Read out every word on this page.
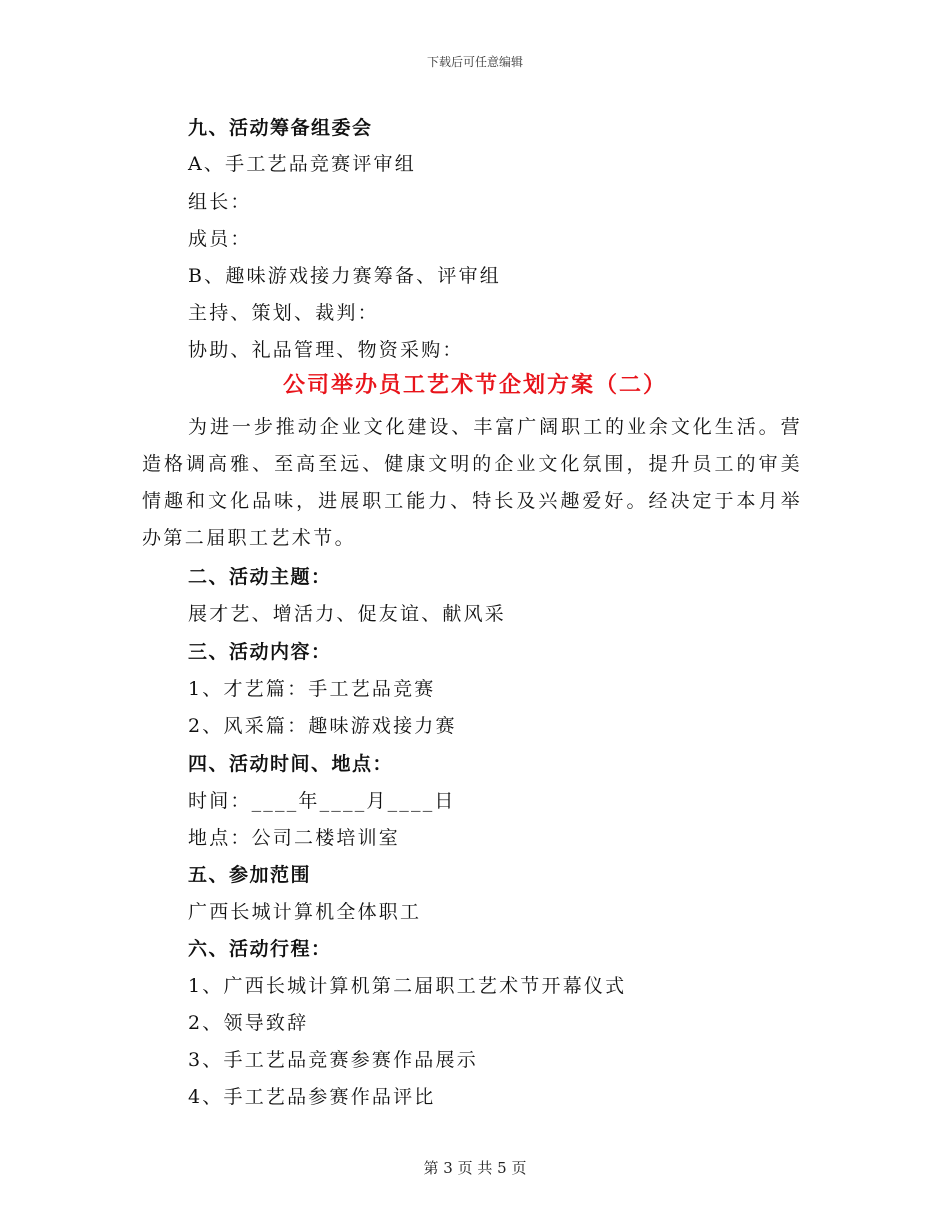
下载后可任意编辑
九、活动筹备组委会
A、手工艺品竞赛评审组
组长：
成员：
B、趣味游戏接力赛筹备、评审组
主持、策划、裁判：
协助、礼品管理、物资采购：
公司举办员工艺术节企划方案（二）
为进一步推动企业文化建设、丰富广阔职工的业余文化生活。营造格调高雅、至高至远、健康文明的企业文化氛围，提升员工的审美情趣和文化品味，进展职工能力、特长及兴趣爱好。经决定于本月举办第二届职工艺术节。
二、活动主题：
展才艺、增活力、促友谊、献风采
三、活动内容：
1、才艺篇：手工艺品竞赛
2、风采篇：趣味游戏接力赛
四、活动时间、地点：
时间：____年____月____日
地点：公司二楼培训室
五、参加范围
广西长城计算机全体职工
六、活动行程：
1、广西长城计算机第二届职工艺术节开幕仪式
2、领导致辞
3、手工艺品竞赛参赛作品展示
4、手工艺品参赛作品评比
第 3 页 共 5 页
